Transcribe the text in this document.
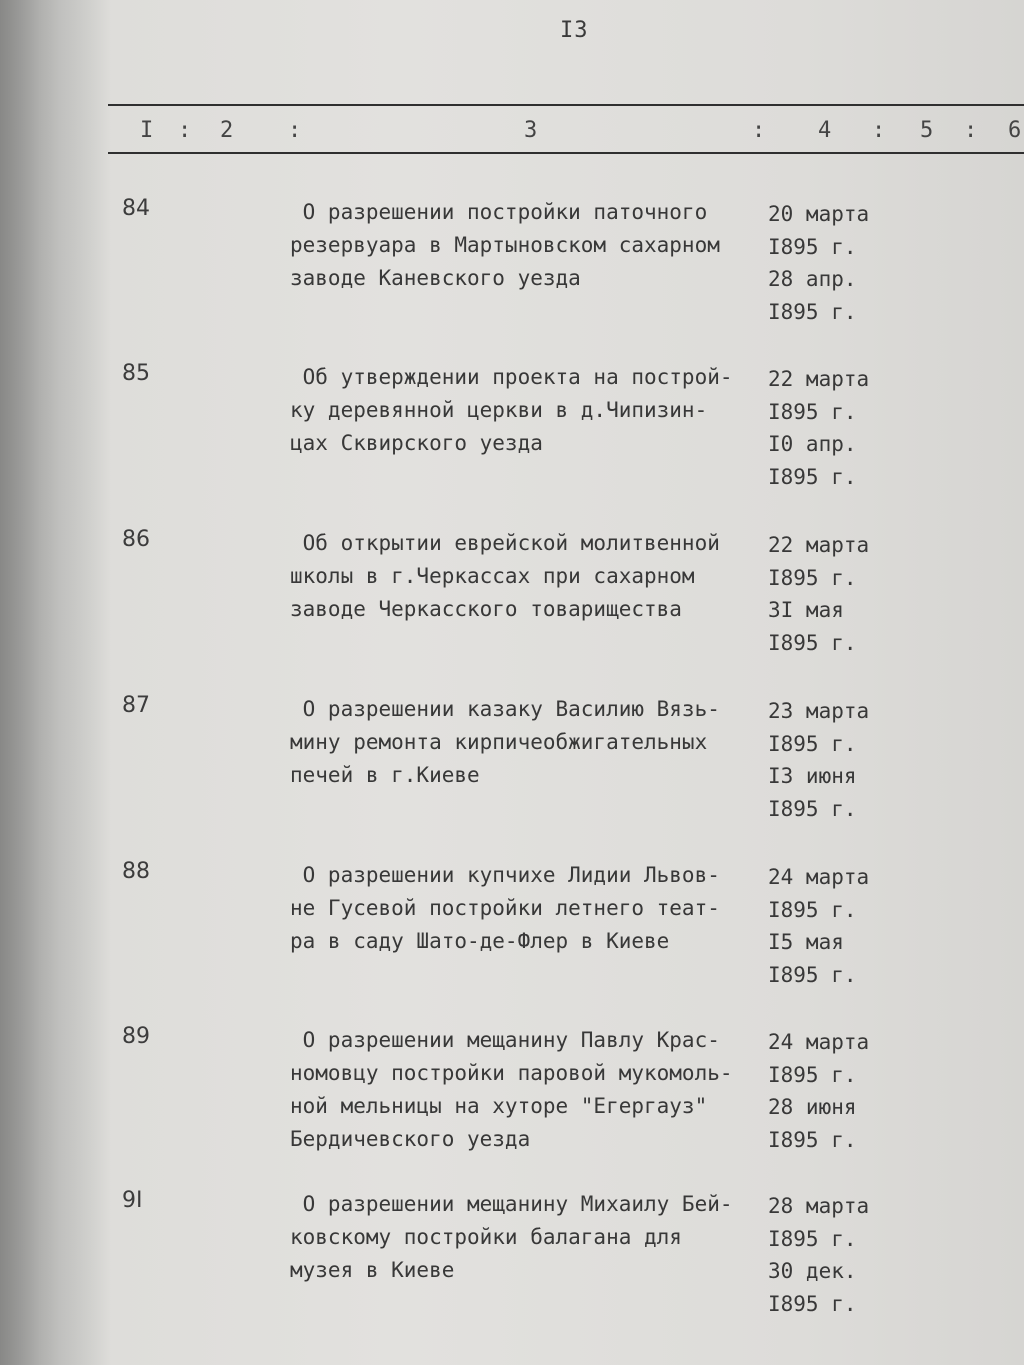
I3
I : 2 :	3	: 4 : 5 : 6
84	О разрешении постройки паточного
резервуара в Мартыновском сахарном
заводе Каневского уезда
20 марта
I895 г.
28 апр.
I895 г.
85	Об утверждении проекта на построй-
ку деревянной церкви в д.Чипизин-
цах Сквирского уезда
22 марта
I895 г.
I0 апр.
I895 г.
86	Об открытии еврейской молитвенной
школы в г.Черкассах при сахарном
заводе Черкасского товарищества
22 марта
I895 г.
3I мая
I895 г.
87	О разрешении казаку Василию Вязь-
мину ремонта кирпичеобжигательных
печей в г.Киеве
23 марта
I895 г.
I3 июня
I895 г.
88	О разрешении купчихе Лидии Львов-
не Гусевой постройки летнего теат-
ра в саду Шато-де-Флер в Киеве
24 марта
I895 г.
I5 мая
I895 г.
89	О разрешении мещанину Павлу Крас-
номовцу постройки паровой мукомоль-
ной мельницы на хуторе "Егергауз"
Бердичевского уезда
24 марта
I895 г.
28 июня
I895 г.
9I	О разрешении мещанину Михаилу Бей-
ковскому постройки балагана для
музея в Киеве
28 марта
I895 г.
30 дек.
I895 г.
